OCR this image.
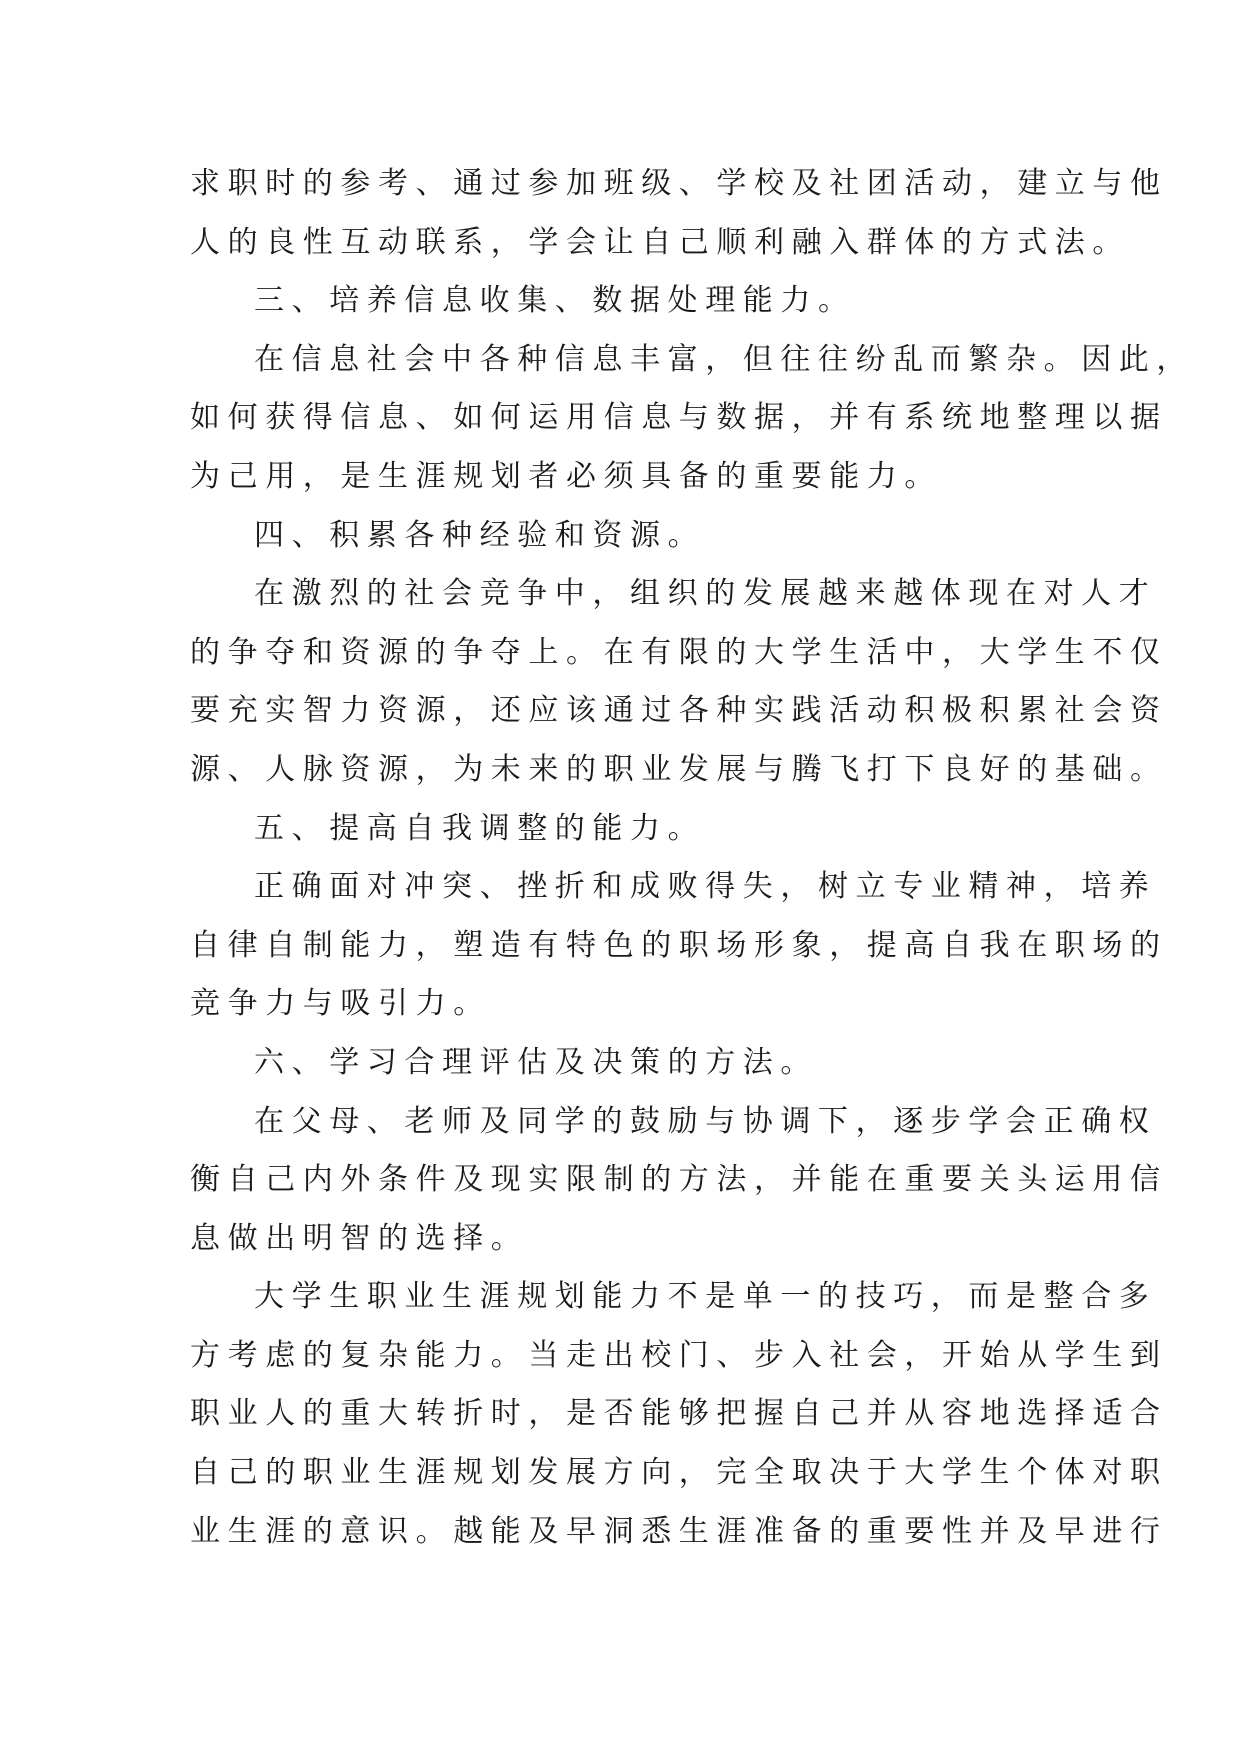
求职时的参考、通过参加班级、学校及社团活动，建立与他
人的良性互动联系，学会让自己顺利融入群体的方式法。
三、培养信息收集、数据处理能力。
在信息社会中各种信息丰富，但往往纷乱而繁杂。因此，
如何获得信息、如何运用信息与数据，并有系统地整理以据
为己用，是生涯规划者必须具备的重要能力。
四、积累各种经验和资源。
在激烈的社会竞争中，组织的发展越来越体现在对人才
的争夺和资源的争夺上。在有限的大学生活中，大学生不仅
要充实智力资源，还应该通过各种实践活动积极积累社会资
源、人脉资源，为未来的职业发展与腾飞打下良好的基础。
五、提高自我调整的能力。
正确面对冲突、挫折和成败得失，树立专业精神，培养
自律自制能力，塑造有特色的职场形象，提高自我在职场的
竞争力与吸引力。
六、学习合理评估及决策的方法。
在父母、老师及同学的鼓励与协调下，逐步学会正确权
衡自己内外条件及现实限制的方法，并能在重要关头运用信
息做出明智的选择。
大学生职业生涯规划能力不是单一的技巧，而是整合多
方考虑的复杂能力。当走出校门、步入社会，开始从学生到
职业人的重大转折时，是否能够把握自己并从容地选择适合
自己的职业生涯规划发展方向，完全取决于大学生个体对职
业生涯的意识。越能及早洞悉生涯准备的重要性并及早进行
